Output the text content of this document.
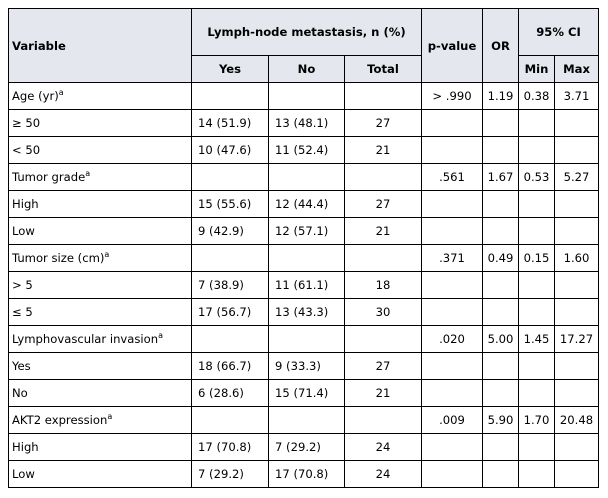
Variable	Lymph-node metastasis, n (%)			p-value	OR	95% CI	
	Yes	No	Total			Min	Max
Age (yr)$^a$				> .990	1.19	0.38	3.71
≥ 50	14 (51.9)	13 (48.1)	27				
< 50	10 (47.6)	11 (52.4)	21				
Tumor grade$^a$				.561	1.67	0.53	5.27
High	15 (55.6)	12 (44.4)	27				
Low	9 (42.9)	12 (57.1)	21				
Tumor size (cm)$^a$				.371	0.49	0.15	1.60
> 5	7 (38.9)	11 (61.1)	18				
≤ 5	17 (56.7)	13 (43.3)	30				
Lymphovascular invasion$^a$				.020	5.00	1.45	17.27
Yes	18 (66.7)	9 (33.3)	27				
No	6 (28.6)	15 (71.4)	21				
AKT2 expression$^a$				.009	5.90	1.70	20.48
High	17 (70.8)	7 (29.2)	24				
Low	7 (29.2)	17 (70.8)	24				
